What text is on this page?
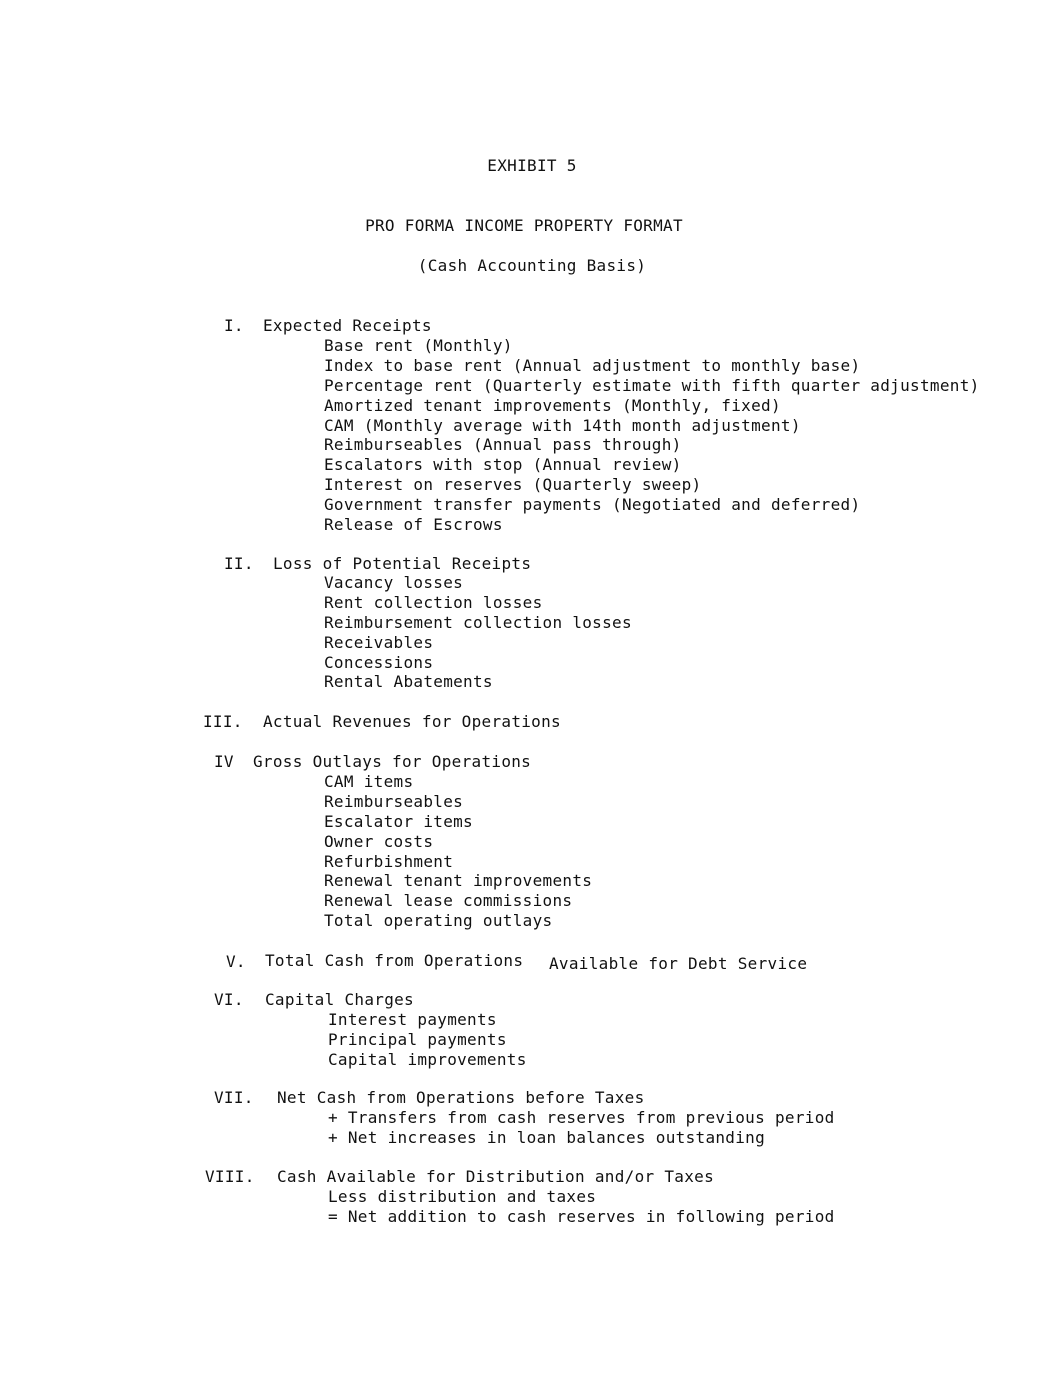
EXHIBIT 5
PRO FORMA INCOME PROPERTY FORMAT
(Cash Accounting Basis)
I. Expected Receipts
Base rent (Monthly)
Index to base rent (Annual adjustment to monthly base)
Percentage rent (Quarterly estimate with fifth quarter adjustment)
Amortized tenant improvements (Monthly, fixed)
CAM (Monthly average with 14th month adjustment)
Reimburseables (Annual pass through)
Escalators with stop (Annual review)
Interest on reserves (Quarterly sweep)
Government transfer payments (Negotiated and deferred)
Release of Escrows
II. Loss of Potential Receipts
Vacancy losses
Rent collection losses
Reimbursement collection losses
Receivables
Concessions
Rental Abatements
III. Actual Revenues for Operations
IV Gross Outlays for Operations
CAM items
Reimburseables
Escalator items
Owner costs
Refurbishment
Renewal tenant improvements
Renewal lease commissions
Total operating outlays
V. Total Cash from Operations Available for Debt Service
VI. Capital Charges
Interest payments
Principal payments
Capital improvements
VII. Net Cash from Operations before Taxes
+ Transfers from cash reserves from previous period
+ Net increases in loan balances outstanding
VIII. Cash Available for Distribution and/or Taxes
Less distribution and taxes
= Net addition to cash reserves in following period
